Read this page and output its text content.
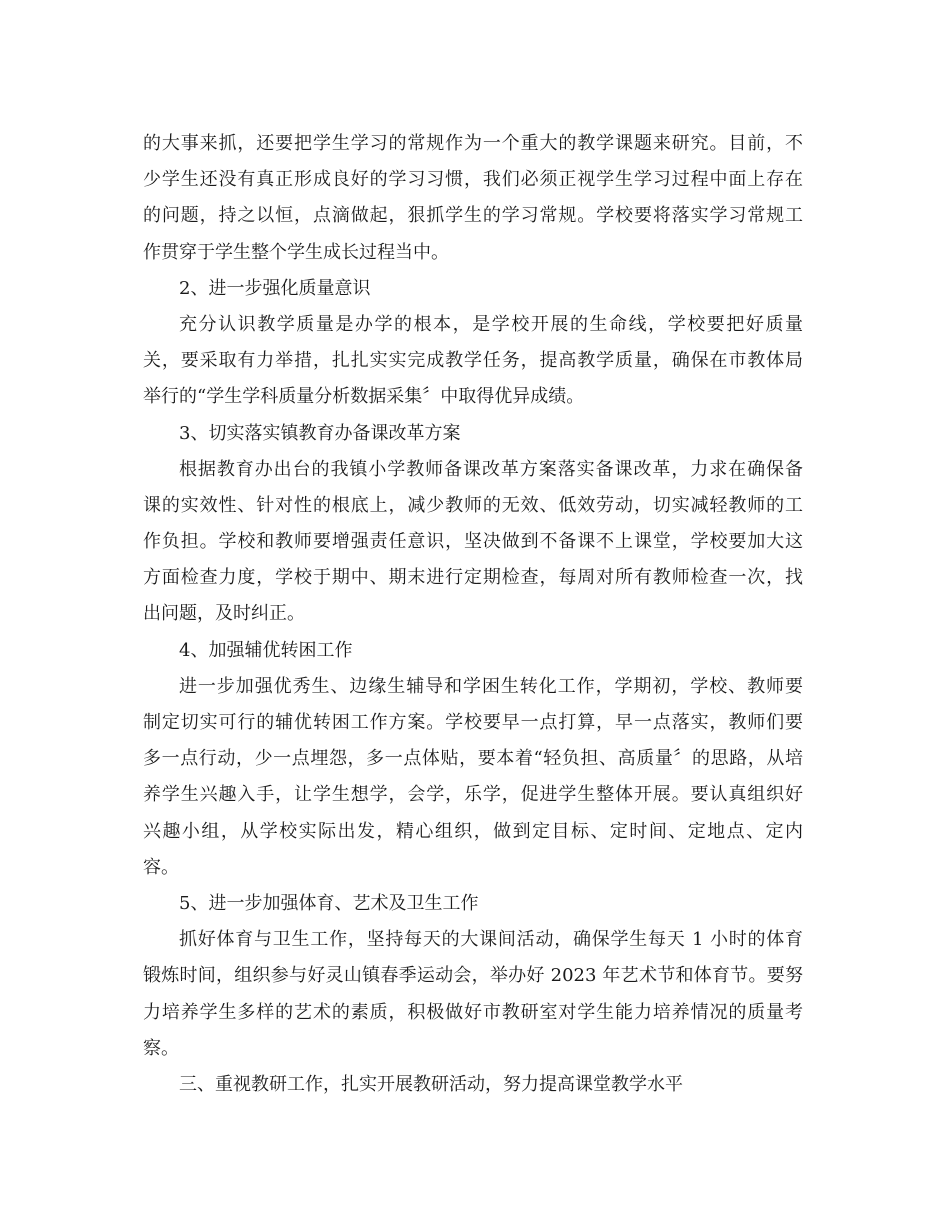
的大事来抓，还要把学生学习的常规作为一个重大的教学课题来研究。目前，不
少学生还没有真正形成良好的学习习惯，我们必须正视学生学习过程中面上存在
的问题，持之以恒，点滴做起，狠抓学生的学习常规。学校要将落实学习常规工
作贯穿于学生整个学生成长过程当中。
2、进一步强化质量意识
充分认识教学质量是办学的根本，是学校开展的生命线，学校要把好质量
关，要采取有力举措，扎扎实实完成教学任务，提高教学质量，确保在市教体局
举行的“学生学科质量分析数据采集〞中取得优异成绩。
3、切实落实镇教育办备课改革方案
根据教育办出台的我镇小学教师备课改革方案落实备课改革，力求在确保备
课的实效性、针对性的根底上，减少教师的无效、低效劳动，切实减轻教师的工
作负担。学校和教师要增强责任意识，坚决做到不备课不上课堂，学校要加大这
方面检查力度，学校于期中、期末进行定期检查，每周对所有教师检查一次，找
出问题，及时纠正。
4、加强辅优转困工作
进一步加强优秀生、边缘生辅导和学困生转化工作，学期初，学校、教师要
制定切实可行的辅优转困工作方案。学校要早一点打算，早一点落实，教师们要
多一点行动，少一点埋怨，多一点体贴，要本着“轻负担、高质量〞的思路，从培
养学生兴趣入手，让学生想学，会学，乐学，促进学生整体开展。要认真组织好
兴趣小组，从学校实际出发，精心组织，做到定目标、定时间、定地点、定内
容。
5、进一步加强体育、艺术及卫生工作
抓好体育与卫生工作，坚持每天的大课间活动，确保学生每天 1 小时的体育
锻炼时间，组织参与好灵山镇春季运动会，举办好 2023 年艺术节和体育节。要努
力培养学生多样的艺术的素质，积极做好市教研室对学生能力培养情况的质量考
察。
三、重视教研工作，扎实开展教研活动，努力提高课堂教学水平
